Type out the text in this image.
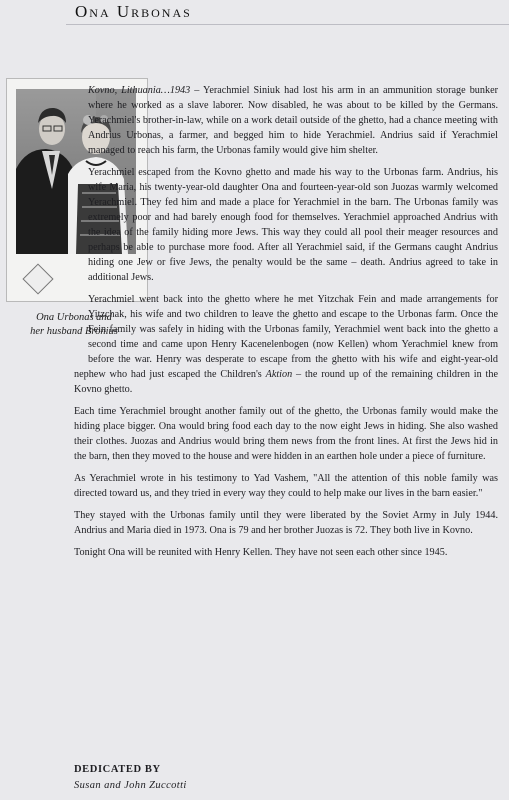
Ona Urbonas
Ona Urbonas and
her husband Bronius

Kovno, Lithuania…1943 – Yerachmiel Siniuk had lost his arm in an ammunition storage bunker where he worked as a slave laborer. Now disabled, he was about to be killed by the Germans. Yerachmiel's brother-in-law, while on a work detail outside of the ghetto, had a chance meeting with Andrius Urbonas, a farmer, and begged him to hide Yerachmiel. Andrius said if Yerachmiel managed to reach his farm, the Urbonas family would give him shelter.

Yerachmiel escaped from the Kovno ghetto and made his way to the Urbonas farm. Andrius, his wife Maria, his twenty-year-old daughter Ona and fourteen-year-old son Juozas warmly welcomed Yerachmiel. They fed him and made a place for Yerachmiel in the barn. The Urbonas family was extremely poor and had barely enough food for themselves. Yerachmiel approached Andrius with the idea of the family hiding more Jews. This way they could all pool their meager resources and perhaps be able to purchase more food. After all Yerachmiel said, if the Germans caught Andrius hiding one Jew or five Jews, the penalty would be the same – death. Andrius agreed to take in additional Jews.

Yerachmiel went back into the ghetto where he met Yitzchak Fein and made arrangements for Yitzchak, his wife and two children to leave the ghetto and escape to the Urbonas farm. Once the Fein family was safely in hiding with the Urbonas family, Yerachmiel went back into the ghetto a second time and came upon Henry Kacenelenbogen (now Kellen) whom Yerachmiel knew from before the war. Henry was desperate to escape from the ghetto with his wife and eight-year-old nephew who had just escaped the Children's Aktion – the round up of the remaining children in the Kovno ghetto.

Each time Yerachmiel brought another family out of the ghetto, the Urbonas family would make the hiding place bigger. Ona would bring food each day to the now eight Jews in hiding. She also washed their clothes. Juozas and Andrius would bring them news from the front lines. At first the Jews hid in the barn, then they moved to the house and were hidden in an earthen hole under a piece of furniture.

As Yerachmiel wrote in his testimony to Yad Vashem, "All the attention of this noble family was directed toward us, and they tried in every way they could to help make our lives in the barn easier."

They stayed with the Urbonas family until they were liberated by the Soviet Army in July 1944. Andrius and Maria died in 1973. Ona is 79 and her brother Juozas is 72. They both live in Kovno.

Tonight Ona will be reunited with Henry Kellen. They have not seen each other since 1945.

DEDICATED BY
Susan and John Zuccotti
